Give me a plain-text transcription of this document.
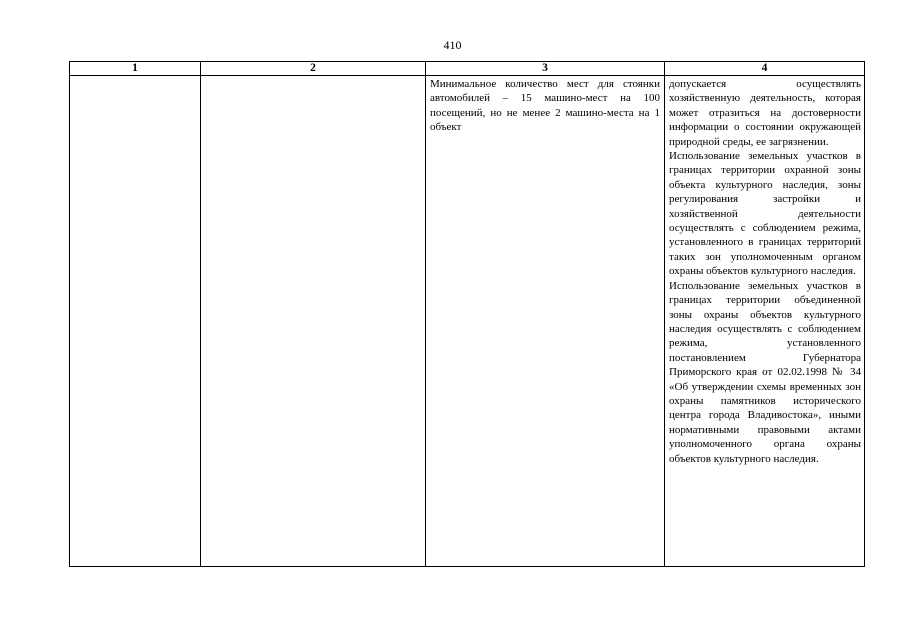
410
1	2	3	4

		Минимальное количество мест для стоянки автомобилей – 15 машино-мест на 100 посещений, но не менее 2 машино-места на 1 объект	допускается осуществлять хозяйственную деятельность, которая может отразиться на достоверности информации о состоянии окружающей природной среды, ее загрязнении.

Использование земельных участков в границах территории охранной зоны объекта культурного наследия, зоны регулирования застройки и хозяйственной деятельности осуществлять с соблюдением режима, установленного в границах территорий таких зон уполномоченным органом охраны объектов культурного наследия.

Использование земельных участков в границах территории объединенной зоны охраны объектов культурного наследия осуществлять с соблюдением режима, установленного постановлением Губернатора Приморского края от 02.02.1998 № 34 «Об утверждении схемы временных зон охраны памятников исторического центра города Владивостока», иными нормативными правовыми актами уполномоченного органа охраны объектов культурного наследия.
